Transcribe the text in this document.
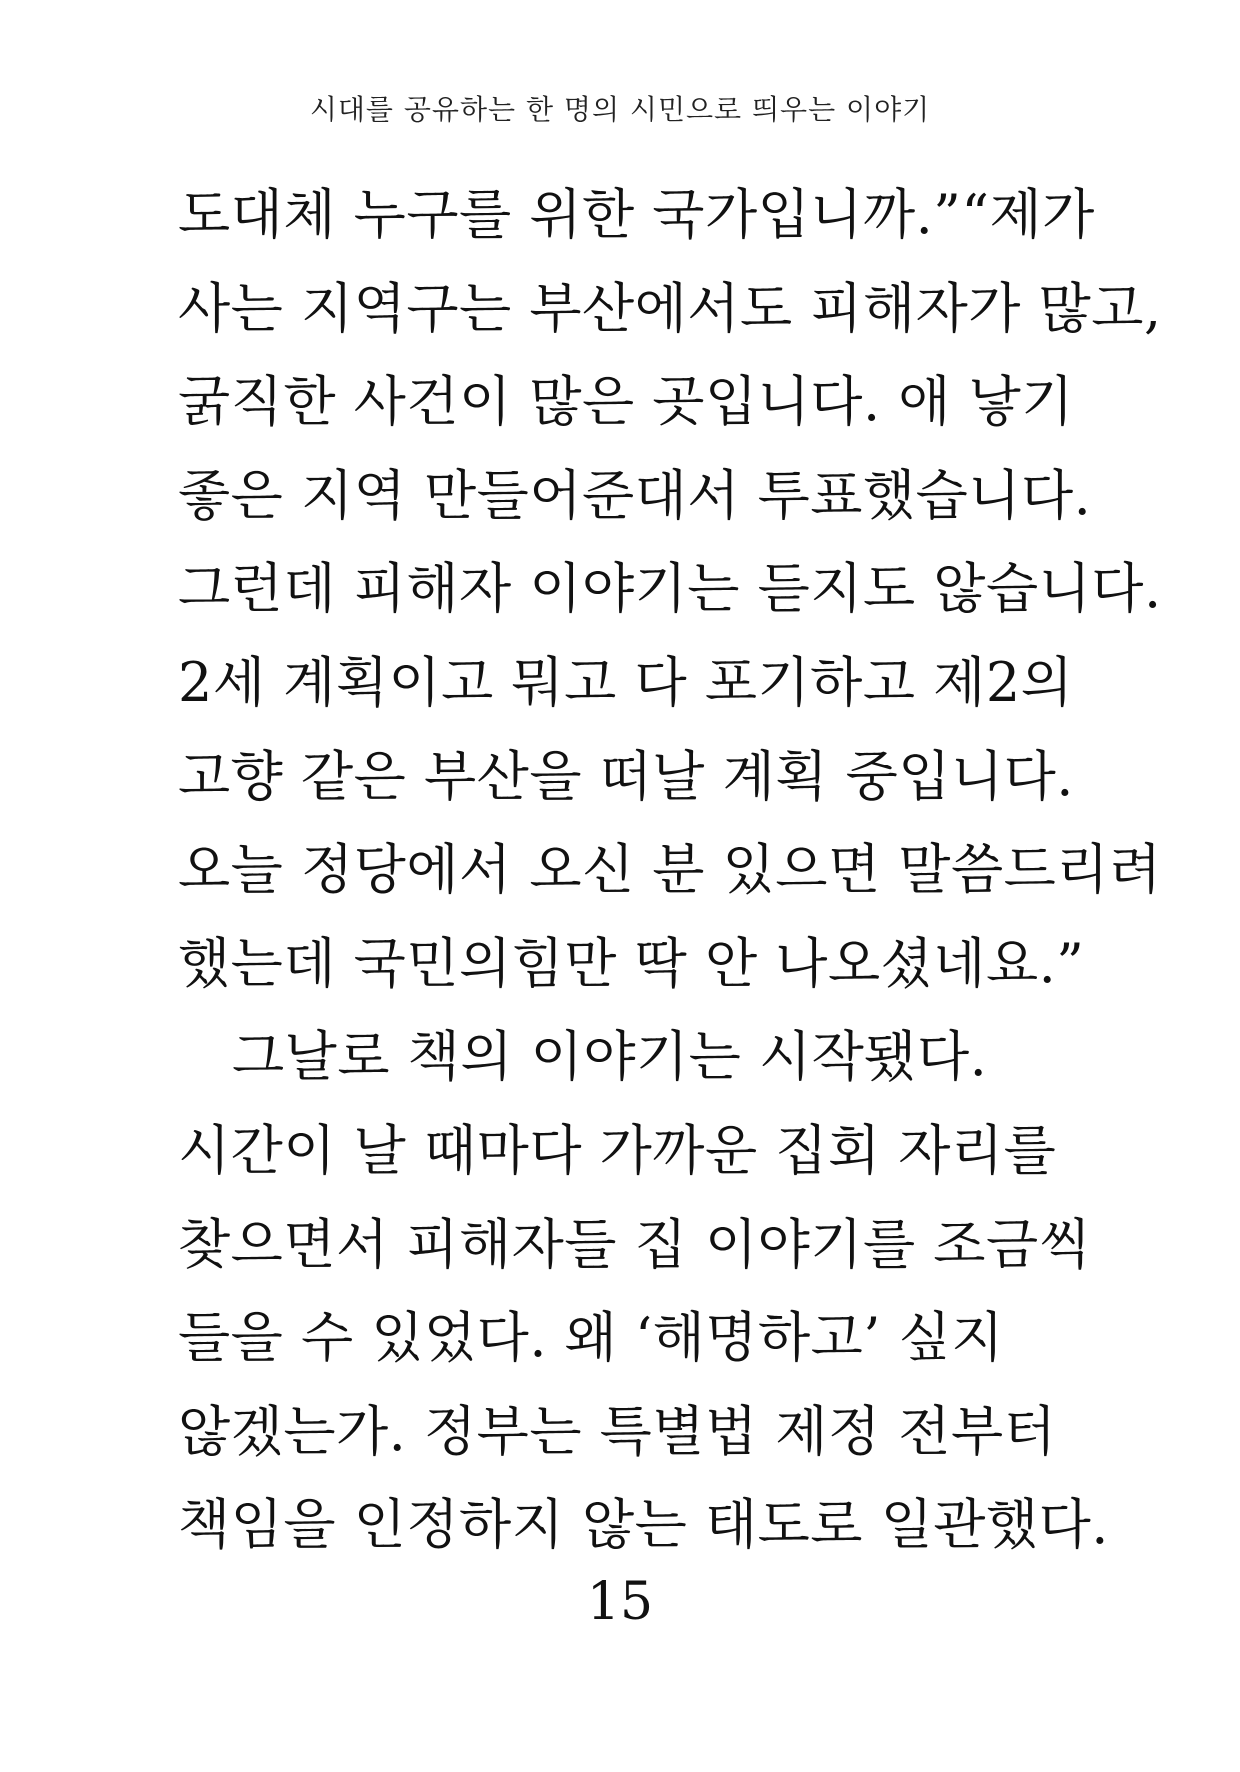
시대를 공유하는 한 명의 시민으로 띄우는 이야기
도대체 누구를 위한 국가입니까.”“제가
사는 지역구는 부산에서도 피해자가 많고,
굵직한 사건이 많은 곳입니다. 애 낳기
좋은 지역 만들어준대서 투표했습니다.
그런데 피해자 이야기는 듣지도 않습니다.
2세 계획이고 뭐고 다 포기하고 제2의
고향 같은 부산을 떠날 계획 중입니다.
오늘 정당에서 오신 분 있으면 말씀드리려
했는데 국민의힘만 딱 안 나오셨네요.”
그날로 책의 이야기는 시작됐다.
시간이 날 때마다 가까운 집회 자리를
찾으면서 피해자들 집 이야기를 조금씩
들을 수 있었다. 왜 ‘해명하고’ 싶지
않겠는가. 정부는 특별법 제정 전부터
책임을 인정하지 않는 태도로 일관했다.
15
